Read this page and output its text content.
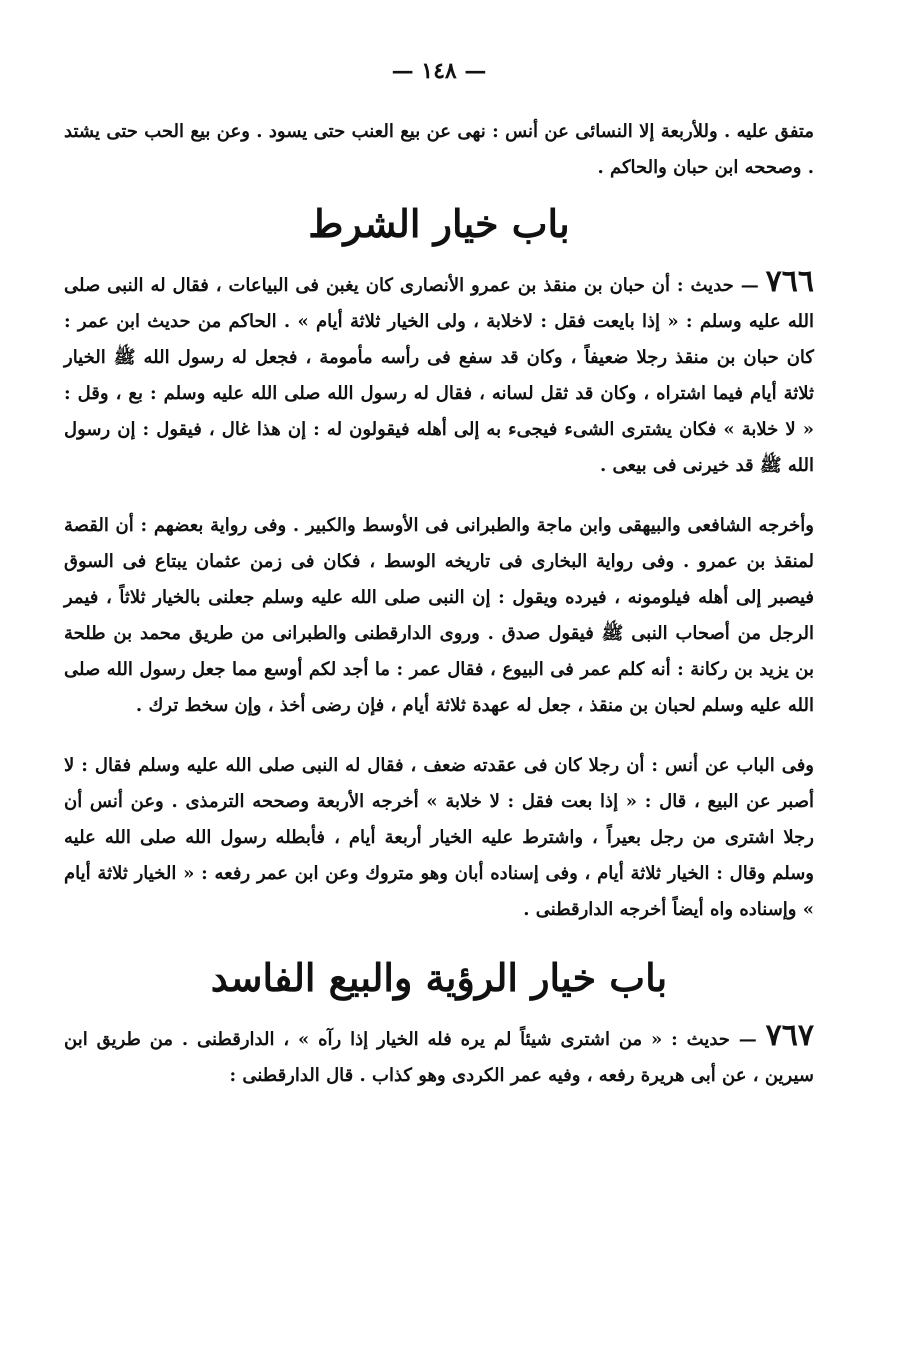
— ١٤٨ —

متفق عليه . وللأربعة إلا النسائى عن أنس : نهى عن بيع العنب حتى يسود . وعن بيع الحب حتى يشتد . وصححه ابن حبان والحاكم .

باب خيار الشرط

٧٦٦ — حديث : أن حبان بن منقذ بن عمرو الأنصارى كان يغبن فى البياعات ، فقال له النبى صلى الله عليه وسلم : « إذا بايعت فقل : لاخلابة ، ولى الخيار ثلاثة أيام » . الحاكم من حديث ابن عمر : كان حبان بن منقذ رجلا ضعيفاً ، وكان قد سفع فى رأسه مأمومة ، فجعل له رسول الله ﷺ الخيار ثلاثة أيام فيما اشتراه ، وكان قد ثقل لسانه ، فقال له رسول الله صلى الله عليه وسلم : بع ، وقل : « لا خلابة » فكان يشترى الشىء فيجىء به إلى أهله فيقولون له : إن هذا غال ، فيقول : إن رسول الله ﷺ قد خيرنى فى بيعى .

وأخرجه الشافعى والبيهقى وابن ماجة والطبرانى فى الأوسط والكبير . وفى رواية بعضهم : أن القصة لمنقذ بن عمرو . وفى رواية البخارى فى تاريخه الوسط ، فكان فى زمن عثمان يبتاع فى السوق فيصبر إلى أهله فيلومونه ، فيرده ويقول : إن النبى صلى الله عليه وسلم جعلنى بالخيار ثلاثاً ، فيمر الرجل من أصحاب النبى ﷺ فيقول صدق . وروى الدارقطنى والطبرانى من طريق محمد بن طلحة بن يزيد بن ركانة : أنه كلم عمر فى البيوع ، فقال عمر : ما أجد لكم أوسع مما جعل رسول الله صلى الله عليه وسلم لحبان بن منقذ ، جعل له عهدة ثلاثة أيام ، فإن رضى أخذ ، وإن سخط ترك .

وفى الباب عن أنس : أن رجلا كان فى عقدته ضعف ، فقال له النبى صلى الله عليه وسلم فقال : لا أصبر عن البيع ، قال : « إذا بعت فقل : لا خلابة » أخرجه الأربعة وصححه الترمذى . وعن أنس أن رجلا اشترى من رجل بعيراً ، واشترط عليه الخيار أربعة أيام ، فأبطله رسول الله صلى الله عليه وسلم وقال : الخيار ثلاثة أيام ، وفى إسناده أبان وهو متروك وعن ابن عمر رفعه : « الخيار ثلاثة أيام » وإسناده واه أيضاً أخرجه الدارقطنى .

باب خيار الرؤية والبيع الفاسد

٧٦٧ — حديث : « من اشترى شيئاً لم يره فله الخيار إذا رآه » ، الدارقطنى . من طريق ابن سيرين ، عن أبى هريرة رفعه ، وفيه عمر الكردى وهو كذاب . قال الدارقطنى :
